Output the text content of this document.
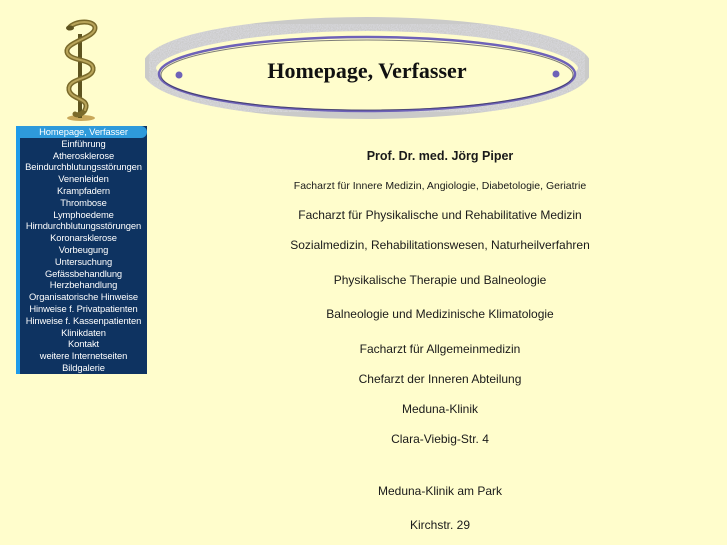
Homepage, Verfasser
Homepage, Verfasser
Einführung
Atherosklerose
Beindurchblutungsstörungen
Venenleiden
Krampfadern
Thrombose
Lymphoedeme
Hirndurchblutungsstörungen
Koronarsklerose
Vorbeugung
Untersuchung
Gefässbehandlung
Herzbehandlung
Organisatorische Hinweise
Hinweise f. Privatpatienten
Hinweise f. Kassenpatienten
Klinikdaten
Kontakt
weitere Internetseiten
Bildgalerie
Prof. Dr. med. Jörg Piper
Facharzt für Innere Medizin, Angiologie, Diabetologie, Geriatrie
Facharzt für Physikalische und Rehabilitative Medizin
Sozialmedizin, Rehabilitationswesen, Naturheilverfahren
Physikalische Therapie und Balneologie
Balneologie und Medizinische Klimatologie
Facharzt für Allgemeinmedizin
Chefarzt der Inneren Abteilung
Meduna-Klinik
Clara-Viebig-Str. 4
Meduna-Klinik am Park
Kirchstr. 29
